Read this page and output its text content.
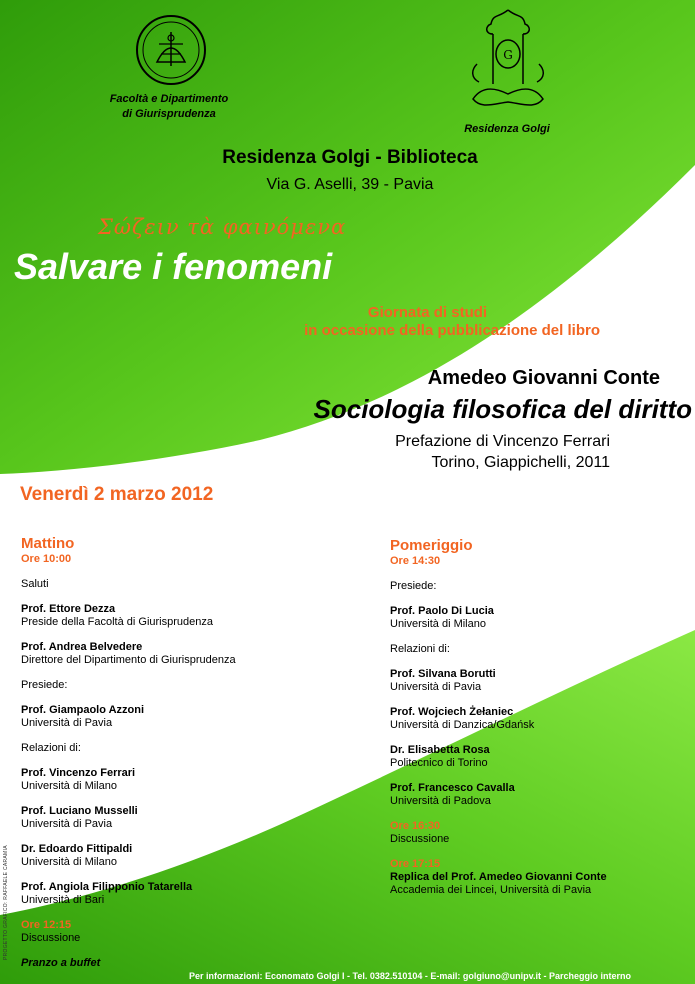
Facoltà e Dipartimento
di Giurisprudenza
G
Residenza Golgi
Residenza Golgi - Biblioteca
Via G. Aselli, 39 - Pavia
Σώζειν τὰ φαινόμενα
Salvare i fenomeni
Giornata di studi
in occasione della pubblicazione del libro
Amedeo Giovanni Conte
Sociologia filosofica del diritto
Prefazione di Vincenzo Ferrari
Torino, Giappichelli, 2011
Venerdì 2 marzo 2012
Mattino
Ore 10:00
Saluti
Prof. Ettore Dezza
Preside della Facoltà di Giurisprudenza
Prof. Andrea Belvedere
Direttore del Dipartimento di Giurisprudenza
Presiede:
Prof. Giampaolo Azzoni
Università di Pavia
Relazioni di:
Prof. Vincenzo Ferrari
Università di Milano
Prof. Luciano Musselli
Università di Pavia
Dr. Edoardo Fittipaldi
Università di Milano
Prof. Angiola Filipponio Tatarella
Università di Bari
Ore 12:15
Discussione
Pranzo a buffet
Pomeriggio
Ore 14:30
Presiede:
Prof. Paolo Di Lucia
Università di Milano
Relazioni di:
Prof. Silvana Borutti
Università di Pavia
Prof. Wojciech Żełaniec
Università di Danzica/Gdańsk
Dr. Elisabetta Rosa
Politecnico di Torino
Prof. Francesco Cavalla
Università di Padova
Ore 16:30
Discussione
Ore 17:15
Replica del Prof. Amedeo Giovanni Conte
Accademia dei Lincei, Università di Pavia
PROGETTO GRAFICO: RAFFAELE CARAMIA
Per informazioni: Economato Golgi I - Tel. 0382.510104 - E-mail: golgiuno@unipv.it - Parcheggio interno
